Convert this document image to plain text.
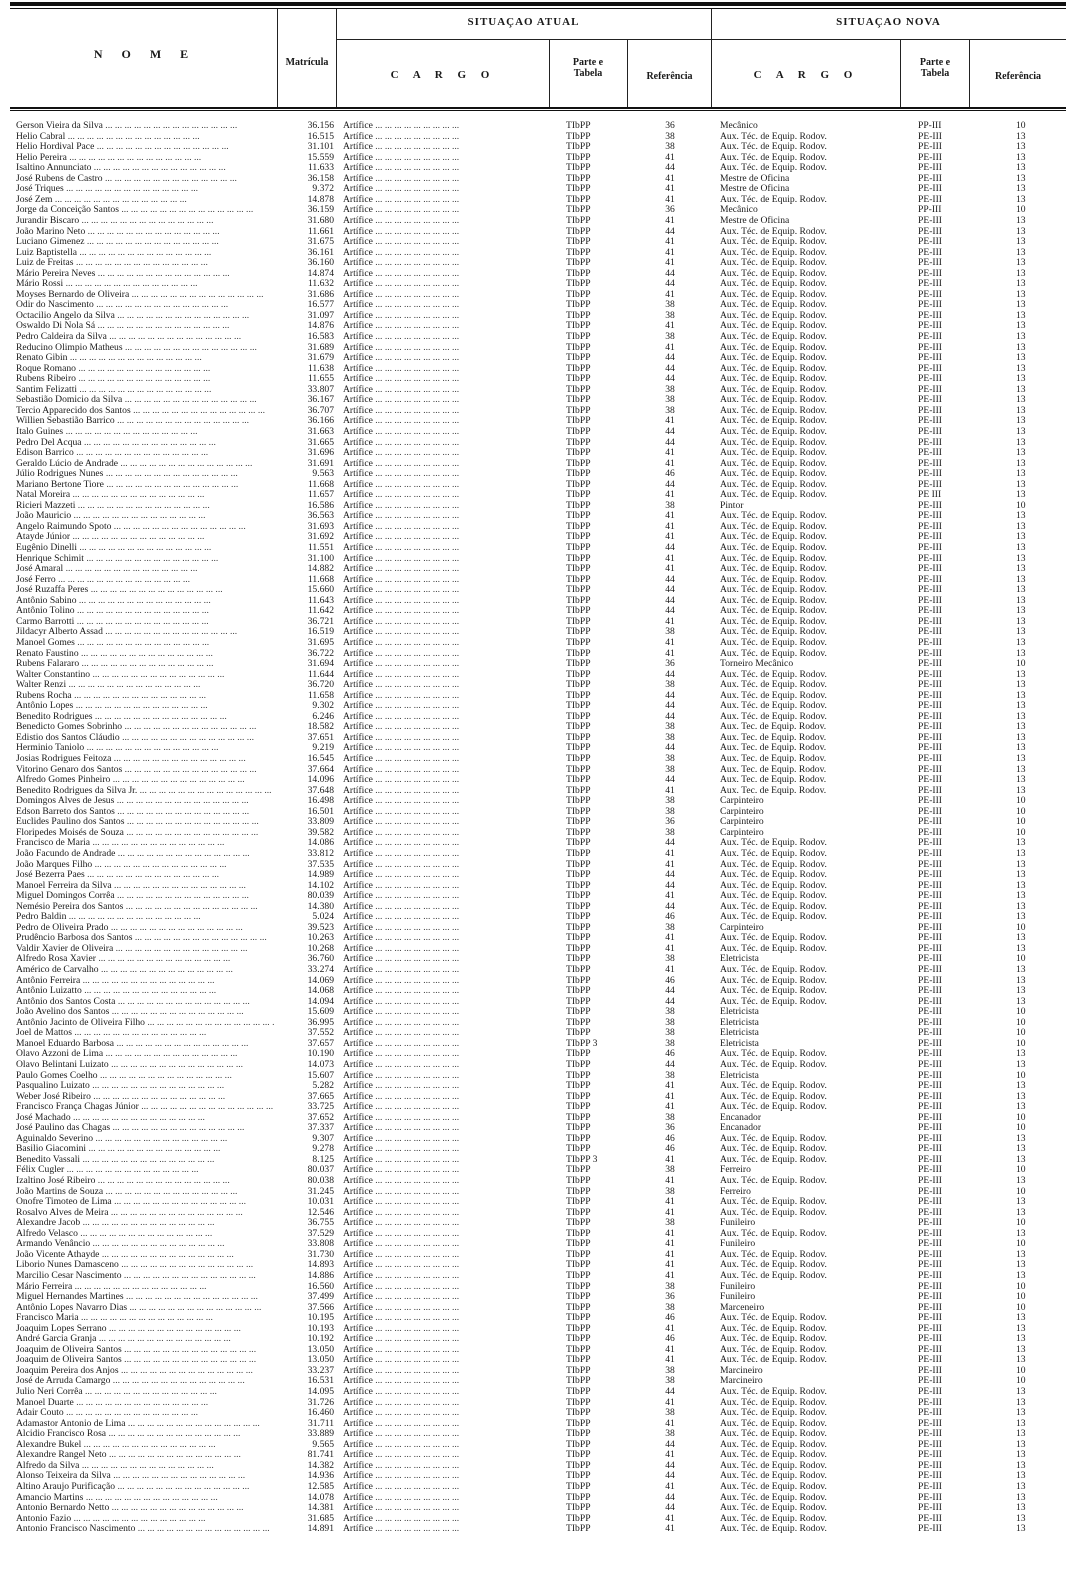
N O M E
Matrícula
SITUAÇAO ATUAL	SITUAÇAO NOVA
C A R G O
Parte e Tabela	Referência	C A R G O
Parte e Tabela	Referência
Gerson Vieira da Silva ... .	36.156 Artífice ... .	TIbPP	36	Mecânico	PP-III	10
Helio Cabral ... .	16.515 Artífice ... .	TIbPP	38	Aux. Téc. de Equip. Rodov.	PE-III	13
Helio Hordival Pace ... .	31.101 Artífice ... .	TIbPP	38	Aux. Téc. de Equip. Rodov.	PE-III	13
Helio Pereira ... .	15.559 Artífice ... .	TIbPP	41	Aux. Téc. de Equip. Rodov.	PE-III	13
Isaltino Annunciato ... .	11.633 Artífice ... .	TIbPP	44	Aux. Téc. de Equip. Rodov.	PE-III	13
José Rubens de Castro ... .	36.158 Artífice ... .	TIbPP	41	Mestre de Oficina	PE-III	13
José Triques ... .	9.372 Artífice ... .	TIbPP	41	Mestre de Oficina	PE-III	13
José Zem ... .	14.878 Artífice ... .	TIbPP	41	Aux. Téc. de Equip. Rodov.	PE-III	13
Jorge da Conceição Santos ... .	36.159 Artífice ... .	TIbPP	36	Mecânico	PP-III	10
Jurandir Biscaro ... .	31.680 Artífice ... .	TIbPP	41	Mestre de Oficina	PE-III	13
João Marino Neto ... .	11.661 Artífice ... .	TIbPP	44	Aux. Téc. de Equip. Rodov.	PE-III	13
Luciano Gimenez ... .	31.675 Artífice ... .	TIbPP	41	Aux. Téc. de Equip. Rodov.	PE-III	13
Luiz Baptistella ... .	36.161 Artífice ... .	TIbPP	41	Aux. Téc. de Equip. Rodov.	PE-III	13
Luiz de Freitas ... .	36.160 Artífice ... .	TIbPP	41	Aux. Téc. de Equip. Rodov.	PE-III	13
Mário Pereira Neves ... .	14.874 Artífice ... .	TIbPP	44	Aux. Téc. de Equip. Rodov.	PE-III	13
Mário Rossi ... .	11.632 Artífice ... .	TIbPP	44	Aux. Téc. de Equip. Rodov.	PE-III	13
Moyses Bernardo de Oliveira ... .	31.686 Artífice ... .	TIbPP	41	Aux. Téc. de Equip. Rodov.	PE-III	13
Odir do Nascimento ... .	16.577 Artífice ... .	TIbPP	38	Aux. Téc. de Equip. Rodov.	PE-III	13
Octacilio Angelo da Silva ... .	31.097 Artífice ... .	TIbPP	38	Aux. Téc. de Equip. Rodov.	PE-III	13
Oswaldo Di Nola Sá ... .	14.876 Artífice ... .	TIbPP	41	Aux. Téc. de Equip. Rodov.	PE-III	13
Pedro Caldeira da Silva ... .	16.583 Artífice ... .	TIbPP	38	Aux. Téc. de Equip. Rodov.	PE-III	13
Reducino Olimpio Matheus ... .	31.689 Artífice ... .	TIbPP	41	Aux. Téc. de Equip. Rodov.	PE-III	13
Renato Gibin ... .	31.679 Artífice ... .	TIbPP	44	Aux. Téc. de Equip. Rodov.	PE-III	13
Roque Romano ... .	11.638 Artífice ... .	TIbPP	44	Aux. Téc. de Equip. Rodov.	PE-III	13
Rubens Ribeiro ... .	11.655 Artífice ... .	TIbPP	44	Aux. Téc. de Equip. Rodov.	PE-III	13
Santim Felizatti ... .	33.807 Artífice ... .	TIbPP	38	Aux. Téc. de Equip. Rodov.	PE-III	13
Sebastião Domicio da Silva ... .	36.167 Artífice ... .	TIbPP	38	Aux. Téc. de Equip. Rodov.	PE-III	13
Tercio Apparecido dos Santos ... .	36.707 Artífice ... .	TIbPP	38	Aux. Téc. de Equip. Rodov.	PE-III	13
Willien Sebastião Barrico ... .	36.166 Artífice ... .	TIbPP	41	Aux. Téc. de Equip. Rodov.	PE-III	13
Italo Guines ... .	31.663 Artífice ... .	TIbPP	44	Aux. Téc. de Equip. Rodov.	PE-III	13
Pedro Del Acqua ... .	31.665 Artífice ... .	TIbPP	44	Aux. Téc. de Equip. Rodov.	PE-III	13
Edison Barrico ... .	31.696 Artífice ... .	TIbPP	41	Aux. Téc. de Equip. Rodov.	PE-III	13
Geraldo Lúcio de Andrade ... .	31.691 Artífice ... .	TIbPP	41	Aux. Téc. de Equip. Rodov.	PE-III	13
Júlio Rodrigues Nunes ... .	9.563 Artífice ... .	TIbPP	46	Aux. Téc. de Equip. Rodov.	PE-III	13
Mariano Bertone Tiore ... .	11.668 Artífice ... .	TIbPP	44	Aux. Téc. de Equip. Rodov.	PE-III	13
Natal Moreira ... .	11.657 Artífice ... .	TIbPP	41	Aux. Téc. de Equip. Rodov.	PE III	13
Ricieri Mazzeti ... .	16.586 Artífice ... .	TIbPP	38	Pintor	PE-III	10
João Mauricio ... .	36.563 Artífice ... .	TIbPP	41	Aux. Téc. de Equip. Rodov.	PE-III	13
Angelo Raimundo Spoto ... .	31.693 Artífice ... .	TIbPP	41	Aux. Téc. de Equip. Rodov.	PE-III	13
Atayde Júnior ... .	31.692 Artífice ... .	TIbPP	41	Aux. Téc. de Equip. Rodov.	PE-III	13
Eugênio Dinelli ... .	11.551 Artífice ... .	TIbPP	44	Aux. Téc. de Equip. Rodov.	PE-III	13
Henrique Schimit ... .	31.100 Artífice ... .	TIbPP	41	Aux. Téc. de Equip. Rodov.	PE-III	13
José Amaral ... .	14.882 Artífice ... .	TIbPP	41	Aux. Téc. de Equip. Rodov.	PE-III	13
José Ferro ... .	11.668 Artífice ... .	TIbPP	44	Aux. Téc. de Equip. Rodov.	PE-III	13
José Ruzaffa Peres ... .	15.660 Artífice ... .	TIbPP	44	Aux. Téc. de Equip. Rodov.	PE-III	13
Antônio Sabino ... .	11.643 Artífice ... .	TIbPP	44	Aux. Téc. de Equip. Rodov.	PE-III	13
Antônio Tolino ... .	11.642 Artífice ... .	TIbPP	44	Aux. Téc. de Equip. Rodov.	PE-III	13
Carmo Barrotti ... .	36.721 Artífice ... .	TIbPP	41	Aux. Téc. de Equip. Rodov.	PE-III	13
Jildacyr Alberto Assad ... .	16.519 Artífice ... .	TIbPP	38	Aux. Téc. de Equip. Rodov.	PE-III	13
Manoel Gomes ... .	31.695 Artífice ... .	TIbPP	41	Aux. Téc. de Equip. Rodov.	PE-III	13
Renato Faustino ... .	36.722 Artífice ... .	TIbPP	41	Aux. Téc. de Equip. Rodov.	PE-III	13
Rubens Falararo ... .	31.694 Artífice ... .	TIbPP	36	Torneiro Mecânico	PE-III	10
Walter Constantino ... .	11.644 Artífice ... .	TIbPP	44	Aux. Téc. de Equip. Rodov.	PE-III	13
Walter Renzi ... .	36.720 Artífice ... .	TIbPP	38	Aux. Téc. de Equip. Rodov.	PE-III	13
Rubens Rocha ... .	11.658 Artífice ... .	TIbPP	44	Aux. Téc. de Equip. Rodov.	PE-III	13
Antônio Lopes ... .	9.302 Artífice ... .	TIbPP	44	Aux. Téc. de Equip. Rodov.	PE-III	13
Benedito Rodrigues ... .	6.246 Artífice ... .	TIbPP	44	Aux. Téc. de Equip. Rodov.	PE-III	13
Benedicto Gomes Sobrinho ... .	18.582 Artífice ... .	TIbPP	38	Aux. Tec. de Equip. Rodov.	PE-III	13
Edistio dos Santos Cláudio ... .	37.651 Artífice ... .	TIbPP	38	Aux. Tec. de Equip. Rodov.	PE-III	13
Herminio Taniolo ... .	9.219 Artífice ... .	TIbPP	44	Aux. Tec. de Equip. Rodov.	PE-III	13
Josias Rodrigues Feitoza ... .	16.545 Artífice ... .	TIbPP	38	Aux. Tec. de Equip. Rodov.	PE-III	13
Vitorino Genaro dos Santos ... .	37.664 Artífice ... .	TIbPP	38	Aux. Tec. de Equip. Rodov.	PE-III	13
Alfredo Gomes Pinheiro ... .	14.096 Artífice ... .	TIbPP	44	Aux. Tec. de Equip. Rodov.	PE-III	13
Benedito Rodrigues da Silva Jr. ... .	37.648 Artífice ... .	TIbPP	41	Aux. Tec. de Equip. Rodov.	PE-III	13
Domingos Alves de Jesus ... .	16.498 Artífice ... .	TIbPP	38	Carpinteiro	PE-III	10
Edson Barreto dos Santos ... .	16.501 Artífice ... .	TIbPP	38	Carpinteiro	PE-III	10
Euclides Paulino dos Santos ... .	33.809 Artífice ... .	TIbPP	36	Carpinteiro	PE-III	10
Floripedes Moisés de Souza ... .	39.582 Artífice ... .	TIbPP	38	Carpinteiro	PE-III	10
Francisco de Maria ... .	14.086 Artífice ... .	TIbPP	44	Aux. Téc. de Equip. Rodov.	PE-III	13
João Facundo de Andrade ... .	33.812 Artífice ... .	TIbPP	41	Aux. Téc. de Equip. Rodov.	PE-III	13
João Marques Filho ... .	37.535 Artífice ... .	TIbPP	41	Aux. Téc. de Equip. Rodov.	PE-III	13
José Bezerra Paes ... .	14.989 Artífice ... .	TIbPP	44	Aux. Téc. de Equip. Rodov.	PE-III	13
Manoel Ferreira da Silva ... .	14.102 Artífice ... .	TIbPP	44	Aux. Téc. de Equip. Rodov.	PE-III	13
Miguel Domingos Corrêa ... .	80.039 Artífice ... .	TIbPP	41	Aux. Téc. de Equip. Rodov.	PE-III	13
Nemésio Pereira dos Santos ... .	14.380 Artífice ... .	TIbPP	44	Aux. Téc. de Equip. Rodov.	PE-III	13
Pedro Baldin ... .	5.024 Artífice ... .	TIbPP	46	Aux. Téc. de Equip. Rodov.	PE-III	13
Pedro de Oliveira Prado ... .	39.523 Artífice ... .	TIbPP	38	Carpinteiro	PE-III	10
Prudêncio Barbosa dos Santos ... .	10.263 Artífice ... .	TIbPP	41	Aux. Téc. de Equip. Rodov.	PE-III	13
Valdir Xavier de Oliveira ... .	10.268 Artífice ... .	TIbPP	41	Aux. Téc. de Equip. Rodov.	PE-III	13
Alfredo Rosa Xavier ... .	36.760 Artífice ... .	TIbPP	38	Eletricista	PE-III	10
Américo de Carvalho ... .	33.274 Artífice ... .	TIbPP	41	Aux. Téc. de Equip. Rodov.	PE-III	13
Antônio Ferreira ... .	14.069 Artífice ... .	TIbPP	46	Aux. Téc. de Equip. Rodov.	PE-III	13
Antônio Luizatto ... .	14.068 Artífice ... .	TIbPP	44	Aux. Téc. de Equip. Rodov.	PE-III	13
Antônio dos Santos Costa ... .	14.094 Artífice ... .	TIbPP	44	Aux. Téc. de Equip. Rodov.	PE-III	13
João Avelino dos Santos ... .	15.609 Artífice ... .	TIbPP	38	Eletricista	PE-III	10
Antônio Jacinto de Oliveira Filho ... .	36.995 Artífice ... .	TIbPP	38	Eletricista	PE-III	10
Joel de Mattos ... .	37.552 Artífice ... .	TIbPP	38	Eletricista	PE-III	10
Manoel Eduardo Barbosa ... .	37.657 Artífice ... .	TIbPP 3	38	Eletricista	PE-III	10
Olavo Azzoni de Lima ... .	10.190 Artífice ... .	TIbPP	46	Aux. Téc. de Equip. Rodov.	PE-III	13
Olavo Belintani Luizato ... .	14.073 Artífice ... .	TIbPP	44	Aux. Téc. de Equip. Rodov.	PE-III	13
Paulo Gomes Coelho ... .	15.607 Artífice ... .	TIbPP	38	Eletricista	PE-III	10
Pasqualino Luizato ... .	5.282 Artífice ... .	TIbPP	41	Aux. Téc. de Equip. Rodov.	PE-III	13
Weber José Ribeiro ... .	37.665 Artífice ... .	TIbPP	41	Aux. Téc. de Equip. Rodov.	PE-III	13
Francisco França Chagas Júnior ... .	33.725 Artífice ... .	TIbPP	41	Aux. Téc. de Equip. Rodov.	PE-III	13
José Machado ... .	37.652 Artífice ... .	TIbPP	38	Encanador	PE-III	10
José Paulino das Chagas ... .	37.337 Artífice ... .	TIbPP	36	Encanador	PE-III	10
Aguinaldo Severino ... .	9.307 Artífice ... .	TIbPP	46	Aux. Téc. de Equip. Rodov.	PE-III	13
Basilio Giacomini ... .	9.278 Artífice ... .	TIbPP	46	Aux. Téc. de Equip. Rodov.	PE-III	13
Benedito Vassali ... .	8.125 Artífice ... .	TIbPP 3	41	Aux. Téc. de Equip. Rodov.	PE-III	13
Félix Cugler ... .	80.037 Artífice ... .	TIbPP	38	Ferreiro	PE-III	10
Izaltino José Ribeiro ... .	80.038 Artífice ... .	TIbPP	41	Aux. Téc. de Equip. Rodov.	PE-III	13
João Martins de Souza ... .	31.245 Artífice ... .	TIbPP	38	Ferreiro	PE-III	10
Onofre Timoteo de Lima ... .	10.031 Artífice ... .	TIbPP	41	Aux. Téc. de Equip. Rodov.	PE-III	13
Rosalvo Alves de Meira ... .	12.546 Artífice ... .	TIbPP	41	Aux. Téc. de Equip. Rodov.	PE-III	13
Alexandre Jacob ... .	36.755 Artífice ... .	TIbPP	38	Funileiro	PE-III	10
Alfredo Velasco ... .	37.529 Artífice ... .	TIbPP	41	Aux. Téc. de Equip. Rodov.	PE-III	13
Armando Venâncio ... .	33.808 Artífice ... .	TIbPP	41	Funileiro	PE-III	10
João Vicente Athayde ... .	31.730 Artífice ... .	TIbPP	41	Aux. Téc. de Equip. Rodov.	PE-III	13
Liborio Nunes Damasceno ... .	14.893 Artífice ... .	TIbPP	41	Aux. Téc. de Equip. Rodov.	PE-III	13
Marcilio Cesar Nascimento ... .	14.886 Artífice ... .	TIbPP	41	Aux. Téc. de Equip. Rodov.	PE-III	13
Mário Ferreira ... .	16.560 Artífice ... .	TIbPP	38	Funileiro	PE-III	10
Miguel Hernandes Martines ... .	37.499 Artífice ... .	TIbPP	36	Funileiro	PE-III	10
Antônio Lopes Navarro Dias ... .	37.566 Artífice ... .	TIbPP	38	Marceneiro	PE-III	10
Francisco Maria ... .	10.195 Artífice ... .	TIbPP	46	Aux. Téc. de Equip. Rodov.	PE-III	13
Joaquim Lopes Serrano ... .	10.193 Artífice ... .	TIbPP	41	Aux. Téc. de Equip. Rodov.	PE-III	13
André Garcia Granja ... .	10.192 Artífice ... .	TIbPP	46	Aux. Téc. de Equip. Rodov.	PE-III	13
Joaquim de Oliveira Santos ... .	13.050 Artífice ... .	TIbPP	41	Aux. Téc. de Equip. Rodov.	PE-III	13
Joaquim de Oliveira Santos ... .	13.050 Artífice ... .	TIbPP	41	Aux. Téc. de Equip. Rodov.	PE-III	13
Joaquim Pereira dos Anjos ... .	33.237 Artífice ... .	TIbPP	38	Marcineiro	PE-III	10
José de Arruda Camargo ... .	16.531 Artífice ... .	TIbPP	38	Marcineiro	PE-III	10
Julio Neri Corrêa ... .	14.095 Artífice ... .	TIbPP	44	Aux. Téc. de Equip. Rodov.	PE-III	13
Manoel Duarte ... .	31.726 Artífice ... .	TIbPP	41	Aux. Téc. de Equip. Rodov.	PE-III	13
Adair Couto ... .	16.460 Artífice ... .	TIbPP	38	Aux. Téc. de Equip. Rodov.	PE-III	13
Adamastor Antonio de Lima ... .	31.711 Artífice ... .	TIbPP	41	Aux. Téc. de Equip. Rodov.	PE-III	13
Alcidio Francisco Rosa ... .	33.889 Artífice ... .	TIbPP	38	Aux. Téc. de Equip. Rodov.	PE-III	13
Alexandre Bukel ... .	9.565 Artífice ... .	TIbPP	44	Aux. Téc. de Equip. Rodov.	PE-III	13
Alexandre Rangel Neto ... .	81.741 Artífice ... .	TIbPP	41	Aux. Téc. de Equip. Rodov.	PE-III	13
Alfredo da Silva ... .	14.382 Artífice ... .	TIbPP	44	Aux. Téc. de Equip. Rodov.	PE-III	13
Alonso Teixeira da Silva ... .	14.936 Artífice ... .	TIbPP	44	Aux. Téc. de Equip. Rodov.	PE-III	13
Altino Araujo Purificação ... .	12.585 Artífice ... .	TIbPP	41	Aux. Téc. de Equip. Rodov.	PE-III	13
Amancio Martins ... .	14.078 Artífice ... .	TIbPP	44	Aux. Téc. de Equip. Rodov.	PE-III	13
Antonio Bernardo Netto ... .	14.381 Artífice ... .	TIbPP	44	Aux. Téc. de Equip. Rodov.	PE-III	13
Antonio Fazio ... .	31.685 Artífice ... .	TIbPP	41	Aux. Téc. de Equip. Rodov.	PE-III	13
Antonio Francisco Nascimento ... .	14.891 Artífice ... .	TIbPP	41	Aux. Téc. de Equip. Rodov.	PE-III	13
